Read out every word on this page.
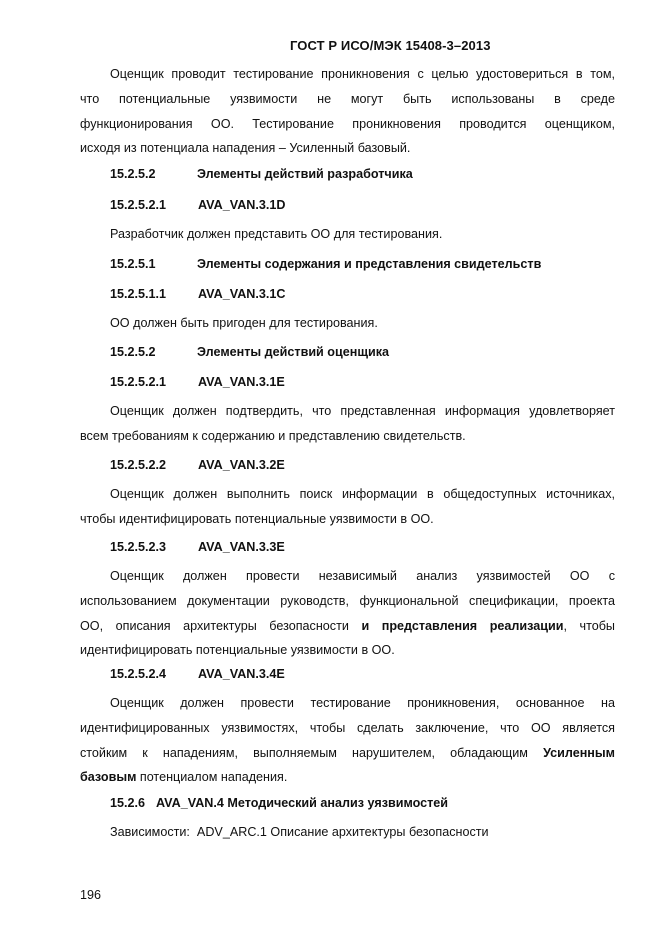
ГОСТ Р ИСО/МЭК 15408-3–2013
Оценщик проводит тестирование проникновения с целью удостовериться в том,
что потенциальные уязвимости не могут быть использованы в среде
функционирования ОО. Тестирование проникновения проводится оценщиком,
исходя из потенциала нападения – Усиленный базовый.
15.2.5.2	Элементы действий разработчика
15.2.5.2.1	AVA_VAN.3.1D
Разработчик должен представить ОО для тестирования.
15.2.5.1	Элементы содержания и представления свидетельств
15.2.5.1.1	AVA_VAN.3.1C
ОО должен быть пригоден для тестирования.
15.2.5.2	Элементы действий оценщика
15.2.5.2.1	AVA_VAN.3.1E
Оценщик должен подтвердить, что представленная информация удовлетворяет
всем требованиям к содержанию и представлению свидетельств.
15.2.5.2.2	AVA_VAN.3.2E
Оценщик должен выполнить поиск информации в общедоступных источниках,
чтобы идентифицировать потенциальные уязвимости в ОО.
15.2.5.2.3	AVA_VAN.3.3E
Оценщик должен провести независимый анализ уязвимостей ОО с
использованием документации руководств, функциональной спецификации, проекта
ОО, описания архитектуры безопасности и представления реализации, чтобы
идентифицировать потенциальные уязвимости в ОО.
15.2.5.2.4	AVA_VAN.3.4E
Оценщик должен провести тестирование проникновения, основанное на
идентифицированных уязвимостях, чтобы сделать заключение, что ОО является
стойким к нападениям, выполняемым нарушителем, обладающим Усиленным
базовым потенциалом нападения.
15.2.6 AVA_VAN.4 Методический анализ уязвимостей
Зависимости:  ADV_ARC.1 Описание архитектуры безопасности
196
